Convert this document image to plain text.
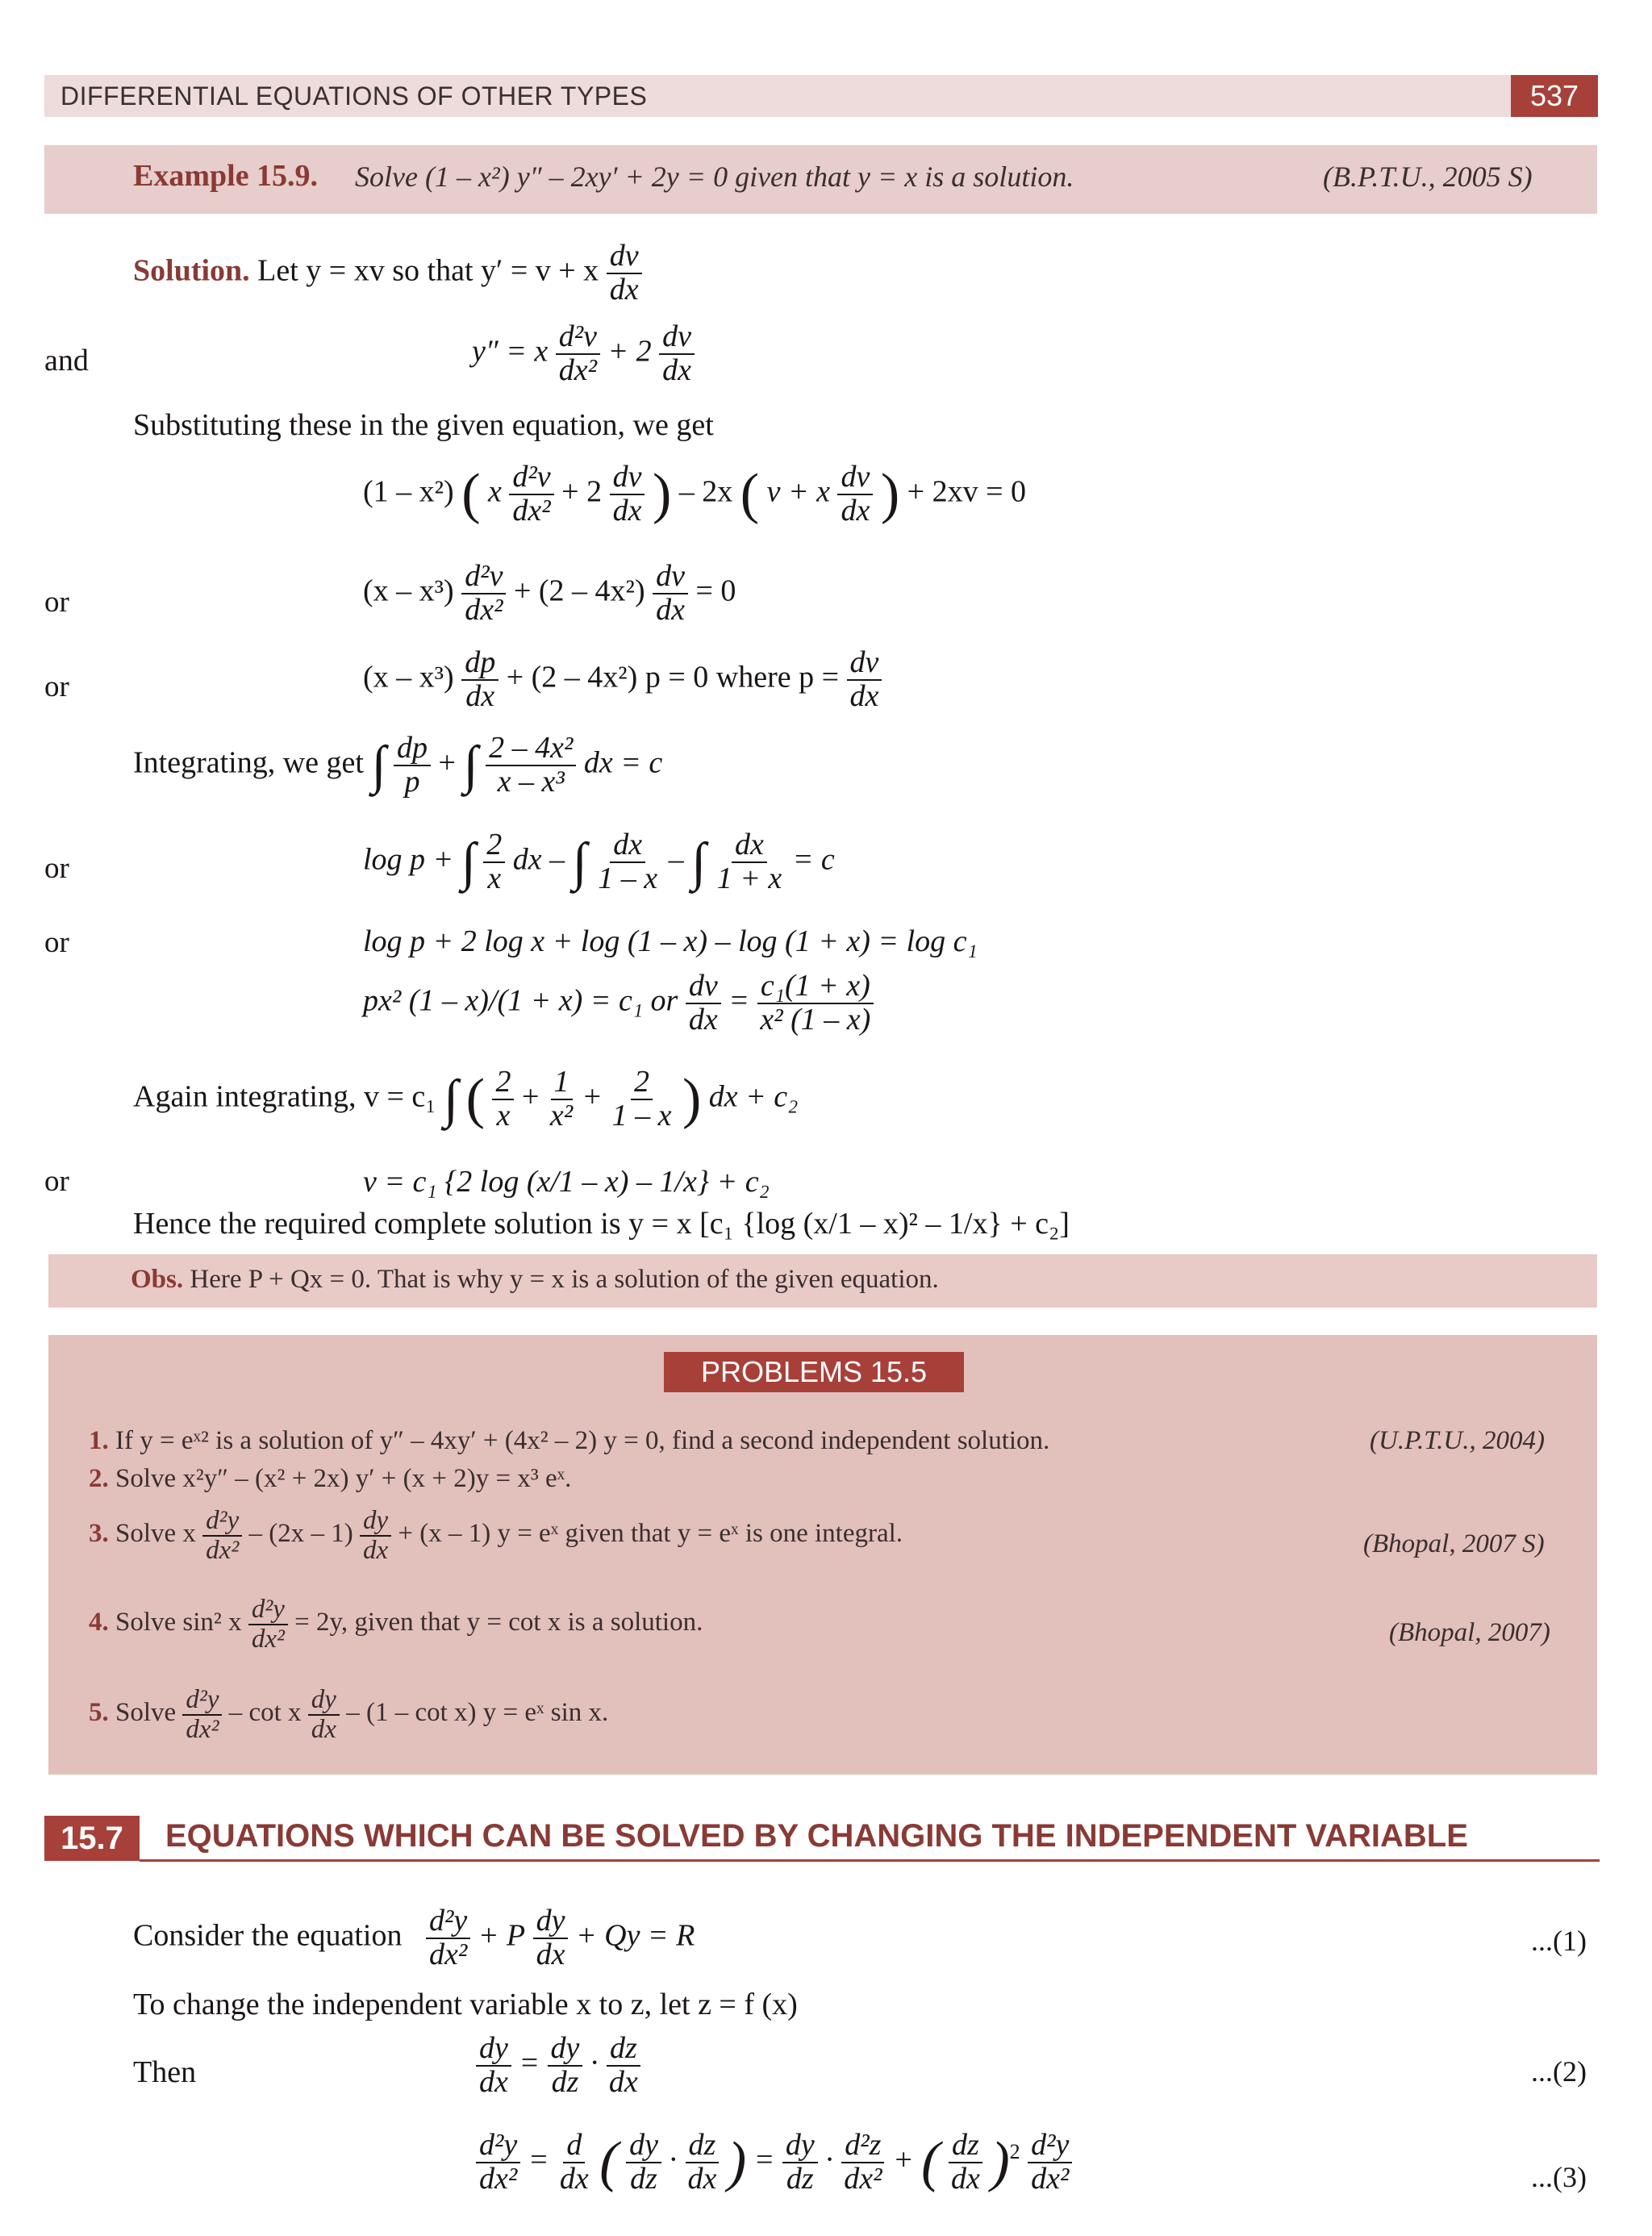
DIFFERENTIAL EQUATIONS OF OTHER TYPES	537
Example 15.9. Solve (1 – x²) y″ – 2xy′ + 2y = 0 given that y = x is a solution.	(B.P.T.U., 2005 S)
Solution. Let y = xv so that y′ = v + x $\frac{dv}{dx}$
and	y″ = x $\frac{\text{d²v}}{\text{dx²}} + 2 \frac{dv}{dx}$
Substituting these in the given equation, we get
(1 – x²) ( x $\frac{\text{d²v}}{\text{dx²}} + 2 \frac{dv}{dx}$ ) – 2x ( v + x $\frac{dv}{dx}$ ) + 2xv = 0
or	$(x - x^3) \frac{\text{d²v}}{\text{dx²}} + (2 - 4x^2) \frac{dv}{dx} = 0$
or	$(x - x^3) \frac{dp}{dx} + (2 - 4x^2) p = 0$ where $p = \frac{dv}{dx}$
Integrating, we get ∫ $\frac{dp}{p}$ + ∫ $\frac{\text{2 – 4x²}}{\text{x – x³}}$ dx = c
or	log p + ∫ $\frac{2}{x}$ dx – ∫ $\frac{dx}{1 - x}$ – ∫ $\frac{dx}{1 + x} = c$
or	log p + 2 log x + log (1 – x) – log (1 + x) = log c₁
px² (1 – x)/(1 + x) = c₁ or $\frac{dv}{dx} = \frac{\text{c₁(1 + x)}}{\text{x² (1 – x)}}$
Again integrating, v = c₁ ∫ ( $\frac{2}{x} + \frac{1}{\text{x²}} + \frac{2}{1 - x}$ ) dx + c₂
or	v = c₁ {2 log (x/1 – x) – 1/x} + c₂
Hence the required complete solution is y = x [c₁ {log (x/1 – x)² – 1/x} + c₂]
Obs. Here P + Qx = 0. That is why y = x is a solution of the given equation.
PROBLEMS 15.5
1. If y = eˣ² is a solution of y″ – 4xy′ + (4x² – 2) y = 0, find a second independent solution.	(U.P.T.U., 2004)
2. Solve x²y″ – (x² + 2x) y′ + (x + 2)y = x³ eˣ.
3. Solve x $\frac{\text{d²y}}{\text{dx²}} - (2x - 1) \frac{dy}{dx} + (x - 1) y$ = eˣ given that y = eˣ is one integral.	(Bhopal, 2007 S)
4. Solve sin² x $\frac{\text{d²y}}{\text{dx²}} = 2y$, given that y = cot x is a solution.	(Bhopal, 2007)
5. Solve $\frac{\text{d²y}}{\text{dx²}}$ – cot x $\frac{dy}{dx} - (1$ – cot x) y = eˣ sin x.
15.7	EQUATIONS WHICH CAN BE SOLVED BY CHANGING THE INDEPENDENT VARIABLE
Consider the equation $\frac{\text{d²y}}{\text{dx²}} + P \frac{dy}{dx} + Qy = R$	...(1)
To change the independent variable x to z, let z = f (x)
Then	$\frac{dy}{dx} = \frac{dy}{dz} \cdot \frac{dz}{dx}$	...(2)
$\frac{\text{d²y}}{\text{dx²}} = \frac{d}{dx}$ ( $\frac{dy}{dz} \cdot \frac{dz}{dx}$ ) = $\frac{dy}{dz} \cdot \frac{\text{d²z}}{\text{dx²}}$ + ( $\frac{dz}{dx} )^2 \frac{\text{d²y}}{\text{dx²}}$	...(3)
